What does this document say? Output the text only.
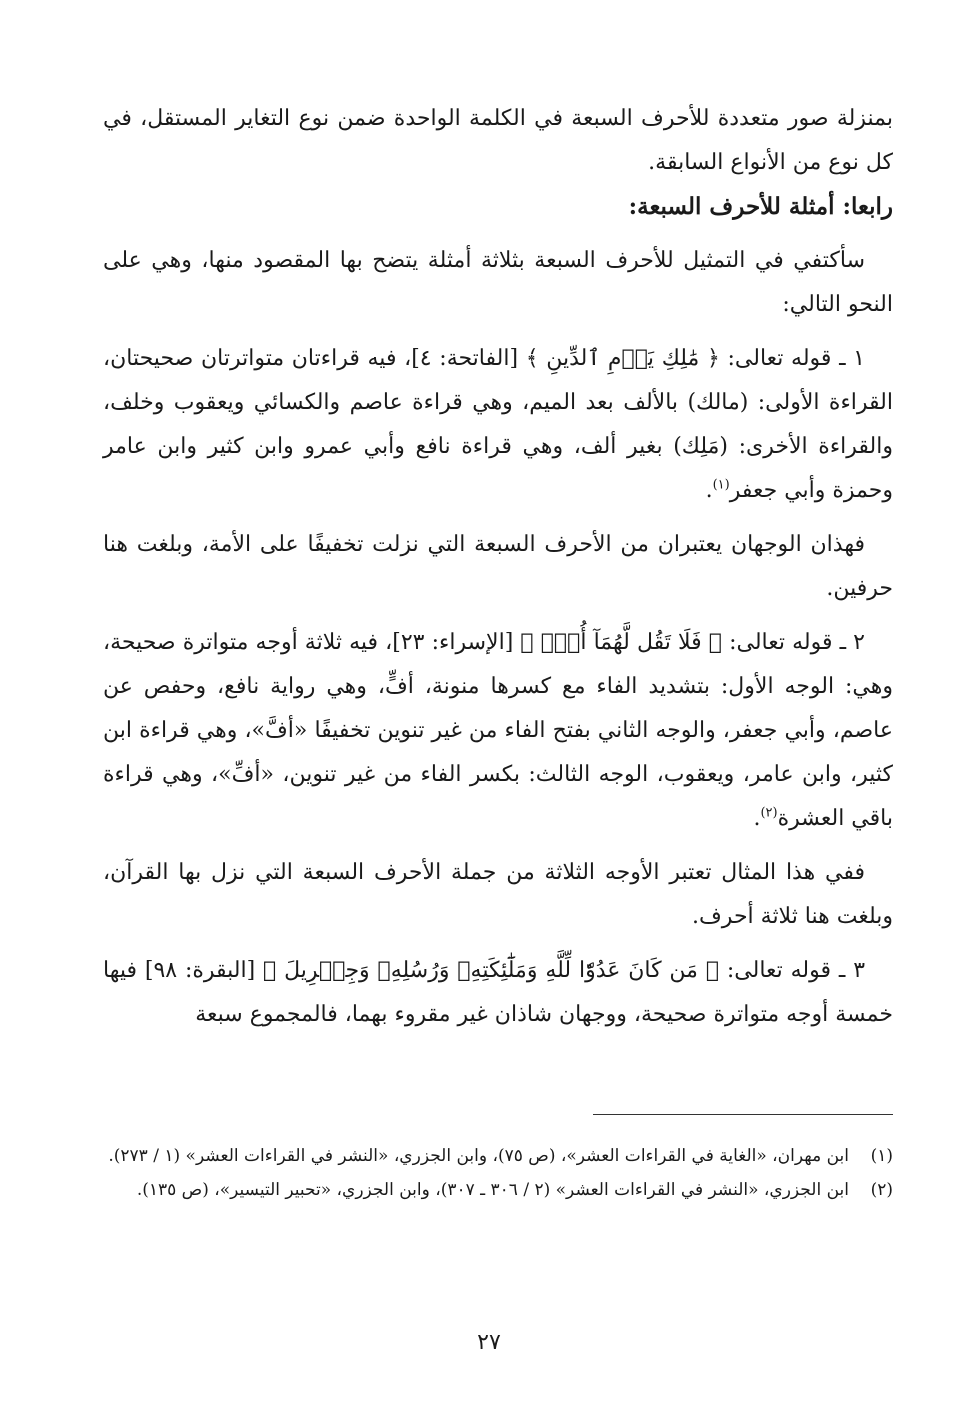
بمنزلة صور متعددة للأحرف السبعة في الكلمة الواحدة ضمن نوع التغاير المستقل، في كل نوع من الأنواع السابقة.

رابعا: أمثلة للأحرف السبعة:

سأكتفي في التمثيل للأحرف السبعة بثلاثة أمثلة يتضح بها المقصود منها، وهي على النحو التالي:

١ ـ قوله تعالى: ﴿ مَٰلِكِ يَوۡمِ ٱلدِّينِ ﴾ [الفاتحة: ٤]، فيه قراءتان متواترتان صحيحتان، القراءة الأولى: (مالك) بالألف بعد الميم، وهي قراءة عاصم والكسائي ويعقوب وخلف، والقراءة الأخرى: (مَلِك) بغير ألف، وهي قراءة نافع وأبي عمرو وابن كثير وابن عامر وحمزة وأبي جعفر$^{(١)}$.

فهذان الوجهان يعتبران من الأحرف السبعة التي نزلت تخفيفًا على الأمة، وبلغت هنا حرفين.

٢ ـ قوله تعالى: ﴿ فَلَا تَقُل لَّهُمَآ أُفّٖ ﴾ [الإسراء: ٢٣]، فيه ثلاثة أوجه متواترة صحيحة، وهي: الوجه الأول: بتشديد الفاء مع كسرها منونة، أفٍّ، وهي رواية نافع، وحفص عن عاصم، وأبي جعفر، والوجه الثاني بفتح الفاء من غير تنوين تخفيفًا «أفَّ»، وهي قراءة ابن كثير، وابن عامر، ويعقوب، الوجه الثالث: بكسر الفاء من غير تنوين، «أفِّ»، وهي قراءة باقي العشرة$^{(٢)}$.

ففي هذا المثال تعتبر الأوجه الثلاثة من جملة الأحرف السبعة التي نزل بها القرآن، وبلغت هنا ثلاثة أحرف.

٣ ـ قوله تعالى: ﴿ مَن كَانَ عَدُوّٗا لِّلَّهِ وَمَلَٰٓئِكَتِهِۦ وَرُسُلِهِۦ وَجِبۡرِيلَ ﴾ [البقرة: ٩٨] فيها خمسة أوجه متواترة صحيحة، ووجهان شاذان غير مقروء بهما، فالمجموع سبعة

(١)
ابن مهران، «الغاية في القراءات العشر»، (ص ٧٥)، وابن الجزري، «النشر في القراءات العشر» (١ / ٢٧٣).
(٢)
ابن الجزري، «النشر في القراءات العشر» (٢ / ٣٠٦ ـ ٣٠٧)، وابن الجزري، «تحبير التيسير»، (ص ١٣٥).
٢٧
